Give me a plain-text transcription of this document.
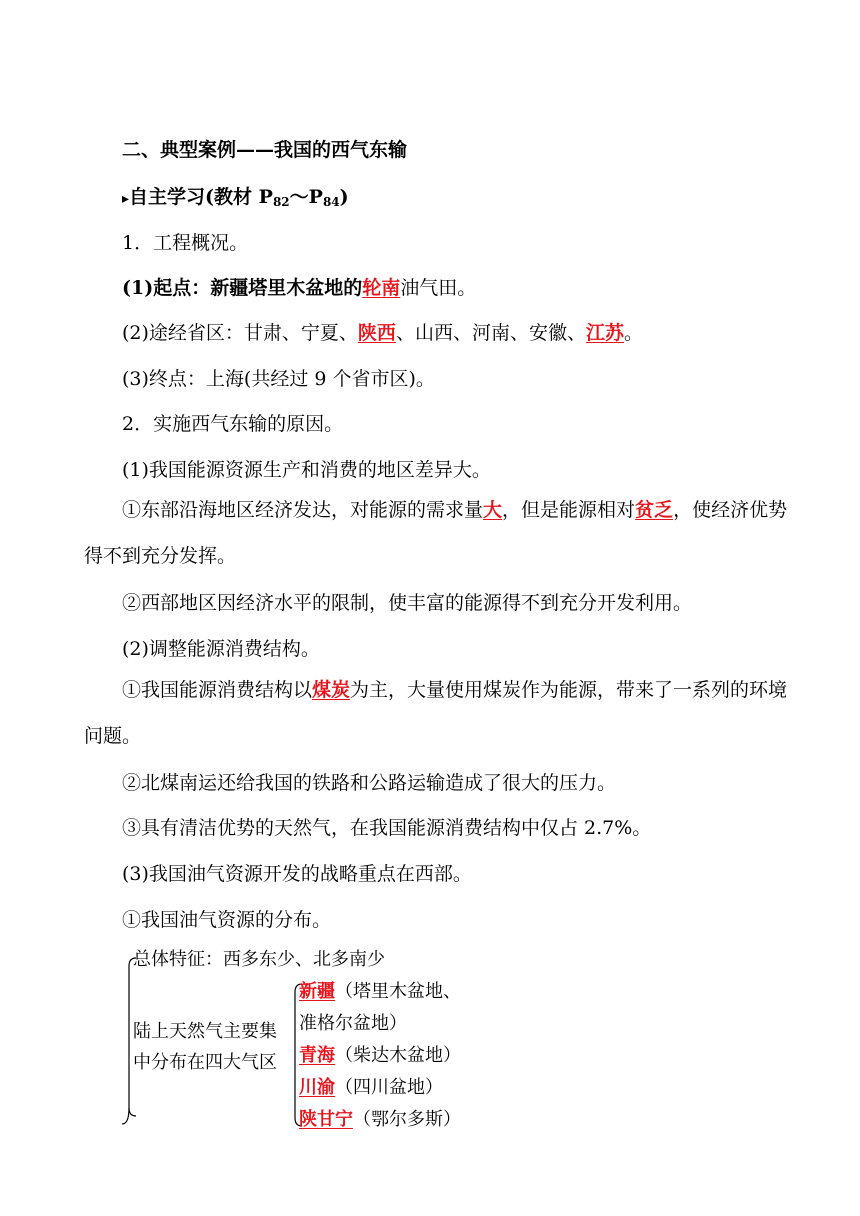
二、典型案例——我国的西气东输
▸自主学习(教材 $P_{82}\sim P_{84}$)
1．工程概况。
(1)起点：新疆塔里木盆地的轮南油气田。
(2)途经省区：甘肃、宁夏、陕西、山西、河南、安徽、江苏。
(3)终点：上海(共经过 9 个省市区)。
2．实施西气东输的原因。
(1)我国能源资源生产和消费的地区差异大。
①东部沿海地区经济发达，对能源的需求量大，但是能源相对贫乏，使经济优势得不到充分发挥。
②西部地区因经济水平的限制，使丰富的能源得不到充分开发利用。
(2)调整能源消费结构。
①我国能源消费结构以煤炭为主，大量使用煤炭作为能源，带来了一系列的环境问题。
②北煤南运还给我国的铁路和公路运输造成了很大的压力。
③具有清洁优势的天然气，在我国能源消费结构中仅占 2.7%。
(3)我国油气资源开发的战略重点在西部。
①我国油气资源的分布。
总体特征：西多东少、北多南少
陆上天然气主要集
中分布在四大气区
新疆（塔里木盆地、
准格尔盆地）
青海（柴达木盆地）
川渝（四川盆地）
陕甘宁（鄂尔多斯）
